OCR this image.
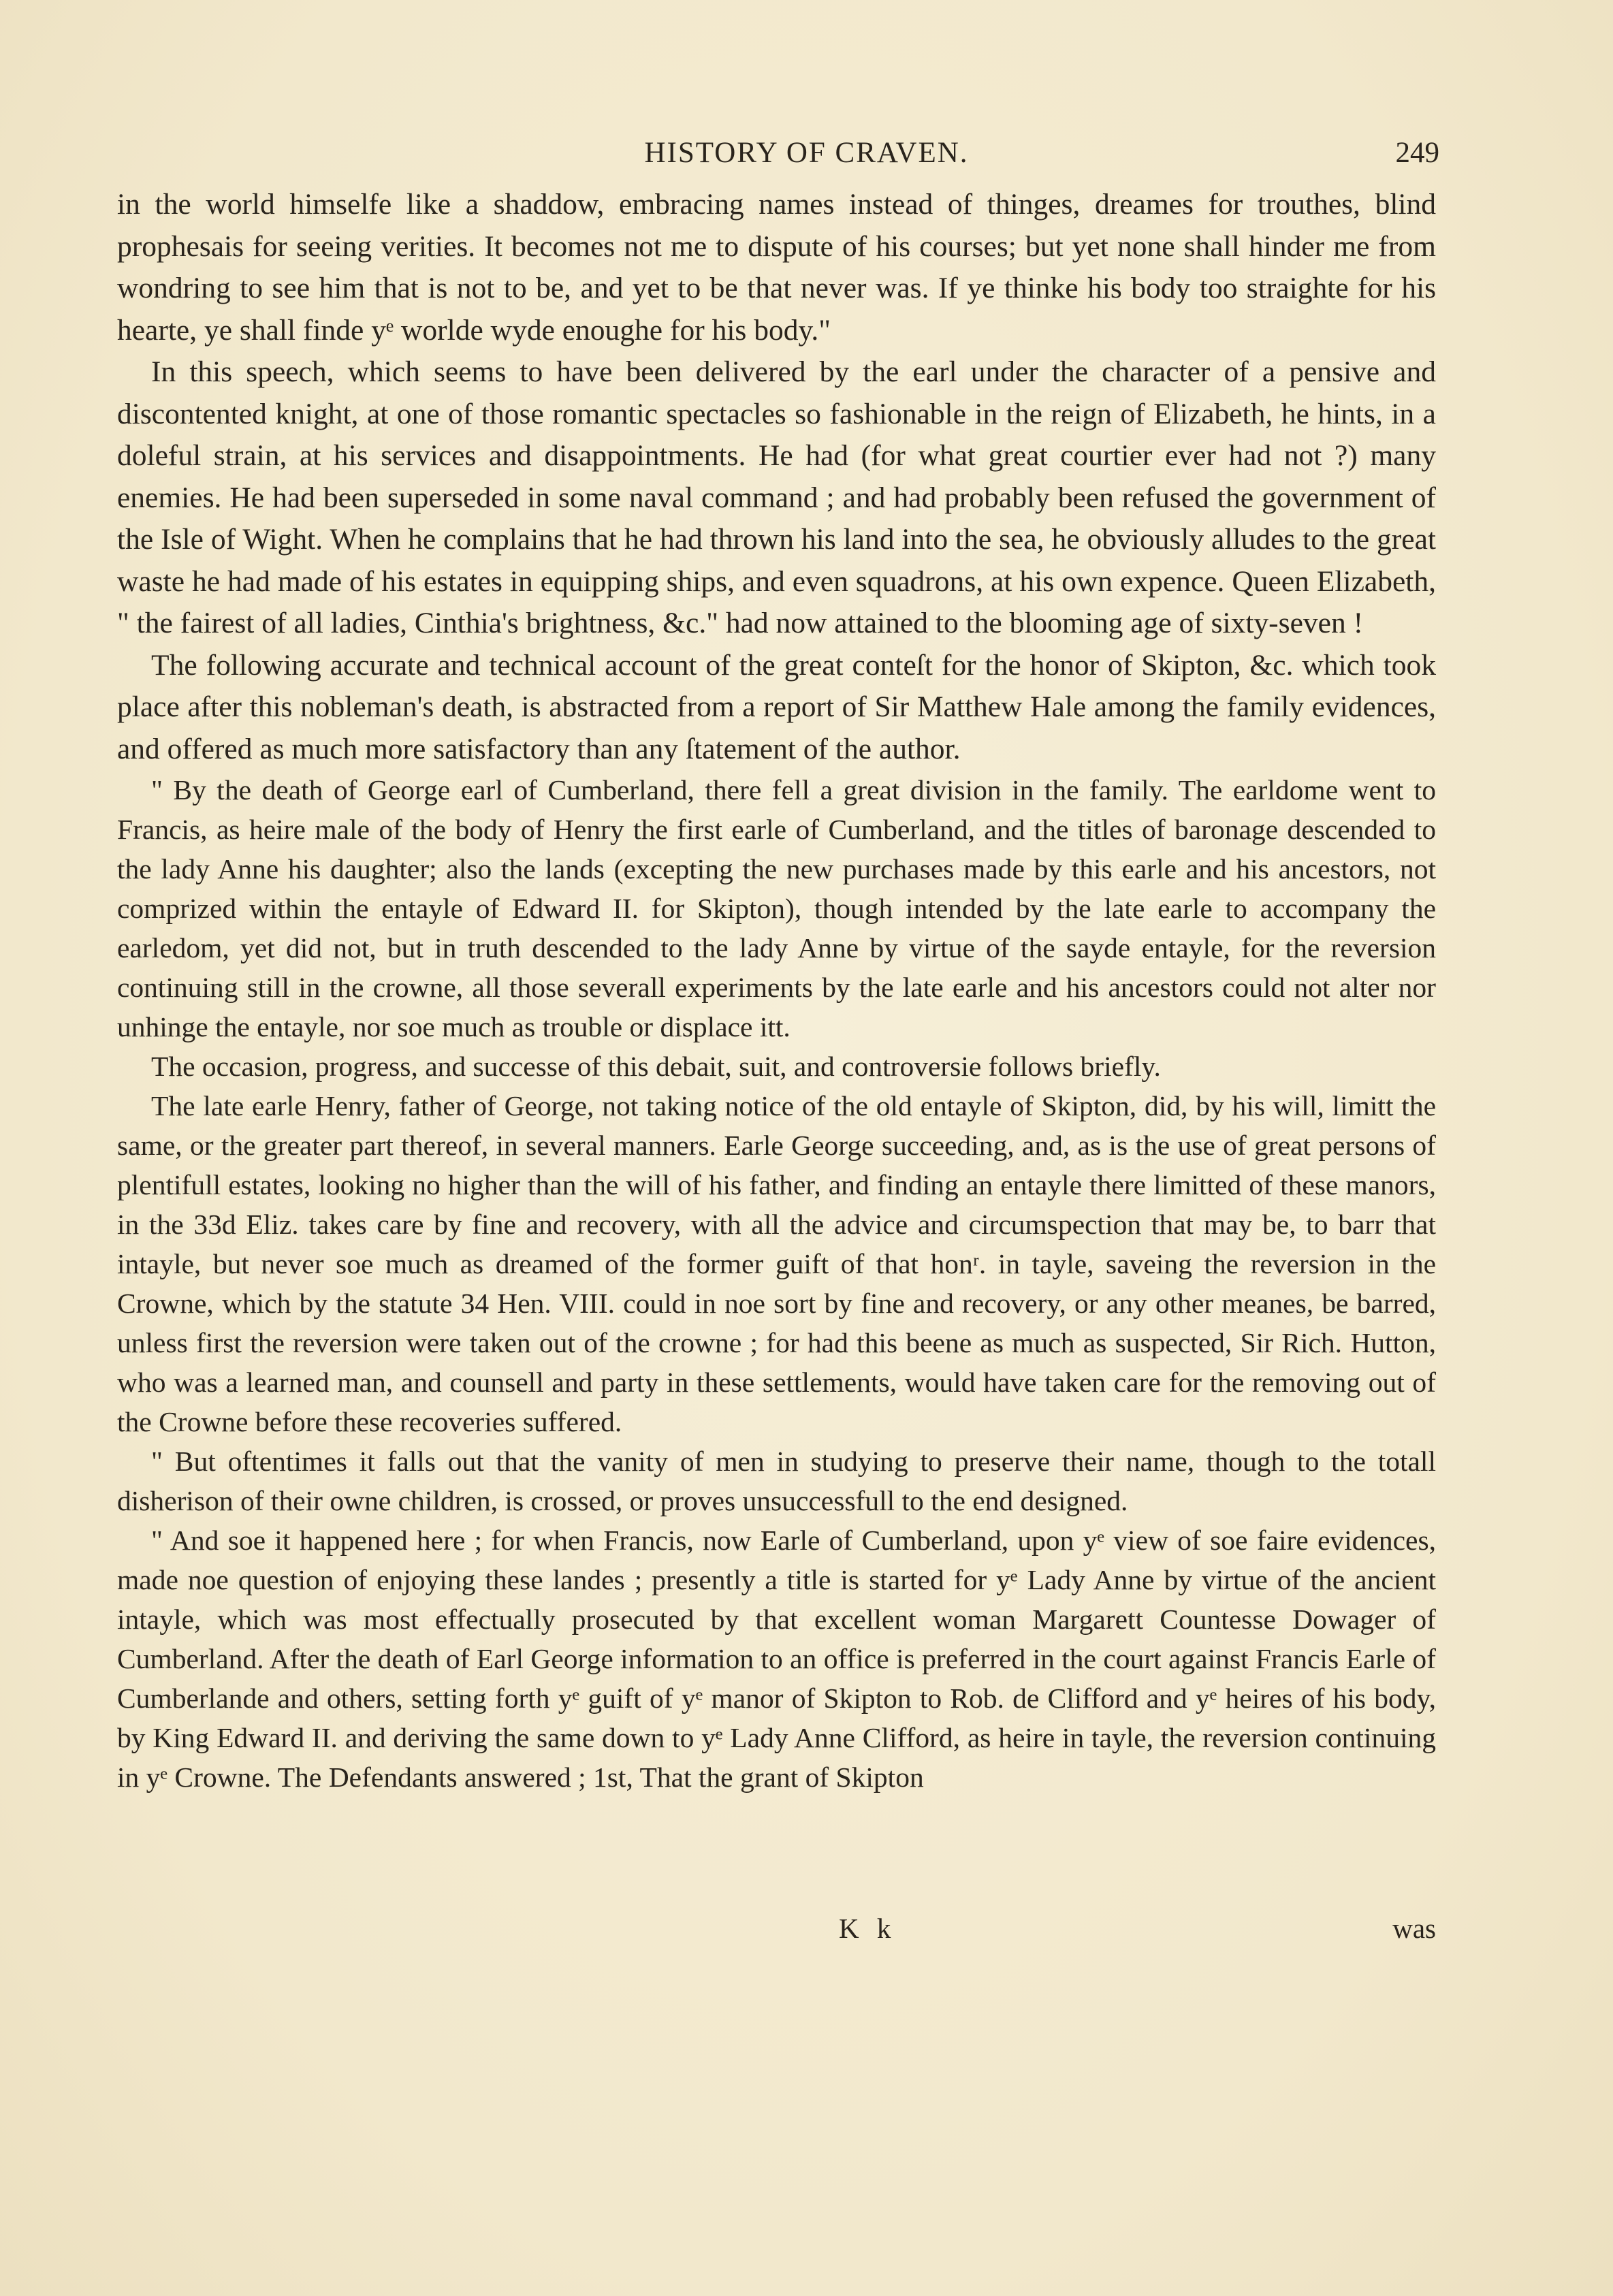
HISTORY OF CRAVEN.	249

in the world himselfe like a shaddow, embracing names instead of thinges, dreames for trouthes, blind prophesais for seeing verities. It becomes not me to dispute of his courses; but yet none shall hinder me from wondring to see him that is not to be, and yet to be that never was. If ye thinke his body too straighte for his hearte, ye shall finde yᵉ worlde wyde enoughe for his body."

In this speech, which seems to have been delivered by the earl under the character of a pensive and discontented knight, at one of those romantic spectacles so fashionable in the reign of Elizabeth, he hints, in a doleful strain, at his services and disappointments. He had (for what great courtier ever had not ?) many enemies. He had been superseded in some naval command ; and had probably been refused the government of the Isle of Wight. When he complains that he had thrown his land into the sea, he obviously alludes to the great waste he had made of his estates in equipping ships, and even squadrons, at his own expence. Queen Elizabeth, " the fairest of all ladies, Cinthia's brightness, &c." had now attained to the blooming age of sixty-seven !

The following accurate and technical account of the great conteſt for the honor of Skipton, &c. which took place after this nobleman's death, is abstracted from a report of Sir Matthew Hale among the family evidences, and offered as much more satisfactory than any ſtatement of the author.

" By the death of George earl of Cumberland, there fell a great division in the family. The earldome went to Francis, as heire male of the body of Henry the first earle of Cumberland, and the titles of baronage descended to the lady Anne his daughter; also the lands (excepting the new purchases made by this earle and his ancestors, not comprized within the entayle of Edward II. for Skipton), though intended by the late earle to accompany the earledom, yet did not, but in truth descended to the lady Anne by virtue of the sayde entayle, for the reversion continuing still in the crowne, all those severall experiments by the late earle and his ancestors could not alter nor unhinge the entayle, nor soe much as trouble or displace itt.

The occasion, progress, and successe of this debait, suit, and controversie follows briefly.

The late earle Henry, father of George, not taking notice of the old entayle of Skipton, did, by his will, limitt the same, or the greater part thereof, in several manners. Earle George succeeding, and, as is the use of great persons of plentifull estates, looking no higher than the will of his father, and finding an entayle there limitted of these manors, in the 33d Eliz. takes care by fine and recovery, with all the advice and circumspection that may be, to barr that intayle, but never soe much as dreamed of the former guift of that honʳ. in tayle, saveing the reversion in the Crowne, which by the statute 34 Hen. VIII. could in noe sort by fine and recovery, or any other meanes, be barred, unless first the reversion were taken out of the crowne ; for had this beene as much as suspected, Sir Rich. Hutton, who was a learned man, and counsell and party in these settlements, would have taken care for the removing out of the Crowne before these recoveries suffered.

" But oftentimes it falls out that the vanity of men in studying to preserve their name, though to the totall disherison of their owne children, is crossed, or proves unsuccessfull to the end designed.

" And soe it happened here ; for when Francis, now Earle of Cumberland, upon yᵉ view of soe faire evidences, made noe question of enjoying these landes ; presently a title is started for yᵉ Lady Anne by virtue of the ancient intayle, which was most effectually prosecuted by that excellent woman Margarett Countesse Dowager of Cumberland. After the death of Earl George information to an office is preferred in the court against Francis Earle of Cumberlande and others, setting forth yᵉ guift of yᵉ manor of Skipton to Rob. de Clifford and yᵉ heires of his body, by King Edward II. and deriving the same down to yᵉ Lady Anne Clifford, as heire in tayle, the reversion continuing in yᵉ Crowne. The Defendants answered ; 1st, That the grant of Skipton

K k	was
